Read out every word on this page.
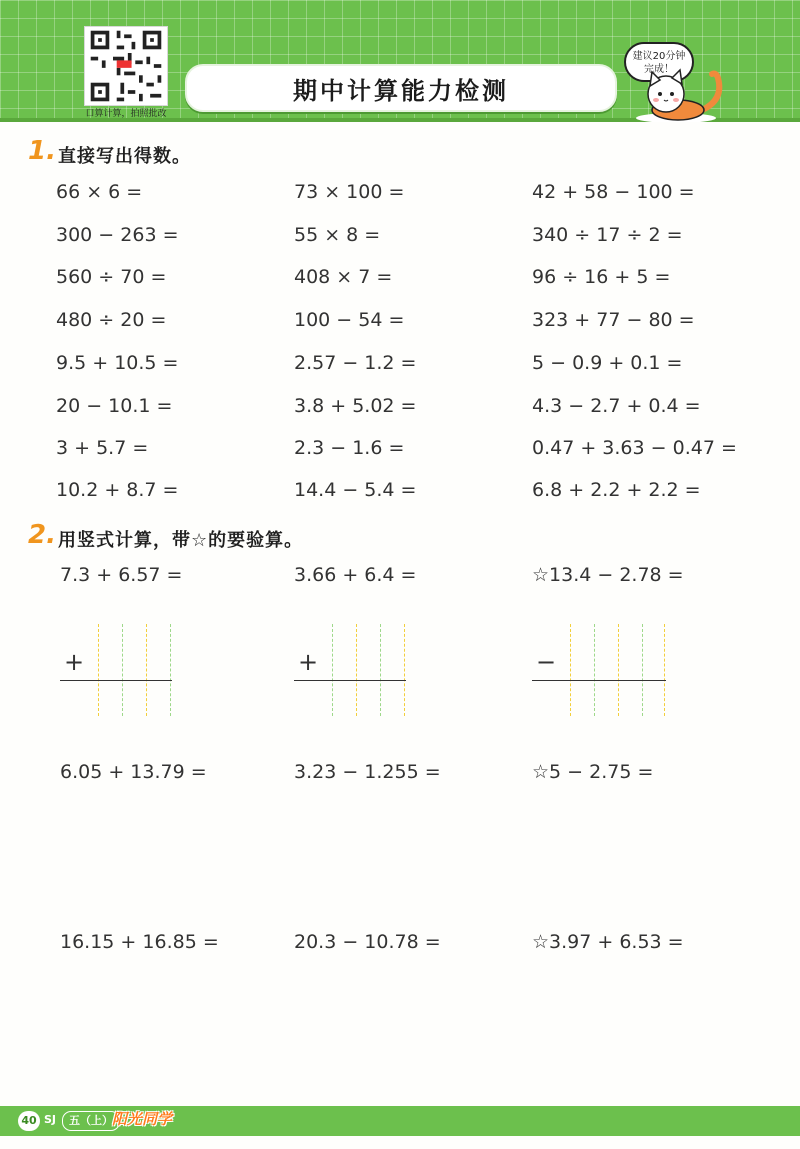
口算计算，拍照批改
期中计算能力检测
建议20分钟
完成！
1. 直接写出得数。
66 × 6 =	73 × 100 =	42 + 58 − 100 =
300 − 263 =	55 × 8 =	340 ÷ 17 ÷ 2 =
560 ÷ 70 =	408 × 7 =	96 ÷ 16 + 5 =
480 ÷ 20 =	100 − 54 =	323 + 77 − 80 =
9.5 + 10.5 =	2.57 − 1.2 =	5 − 0.9 + 0.1 =
20 − 10.1 =	3.8 + 5.02 =	4.3 − 2.7 + 0.4 =
3 + 5.7 =	2.3 − 1.6 =	0.47 + 3.63 − 0.47 =
10.2 + 8.7 =	14.4 − 5.4 =	6.8 + 2.2 + 2.2 =
2. 用竖式计算，带☆的要验算。
7.3 + 6.57 =	3.66 + 6.4 =	☆13.4 − 2.78 =
+	+	−
6.05 + 13.79 =	3.23 − 1.255 =	☆5 − 2.75 =
16.15 + 16.85 =	20.3 − 10.78 =	☆3.97 + 6.53 =
40 SJ	五（上） 阳光同学
